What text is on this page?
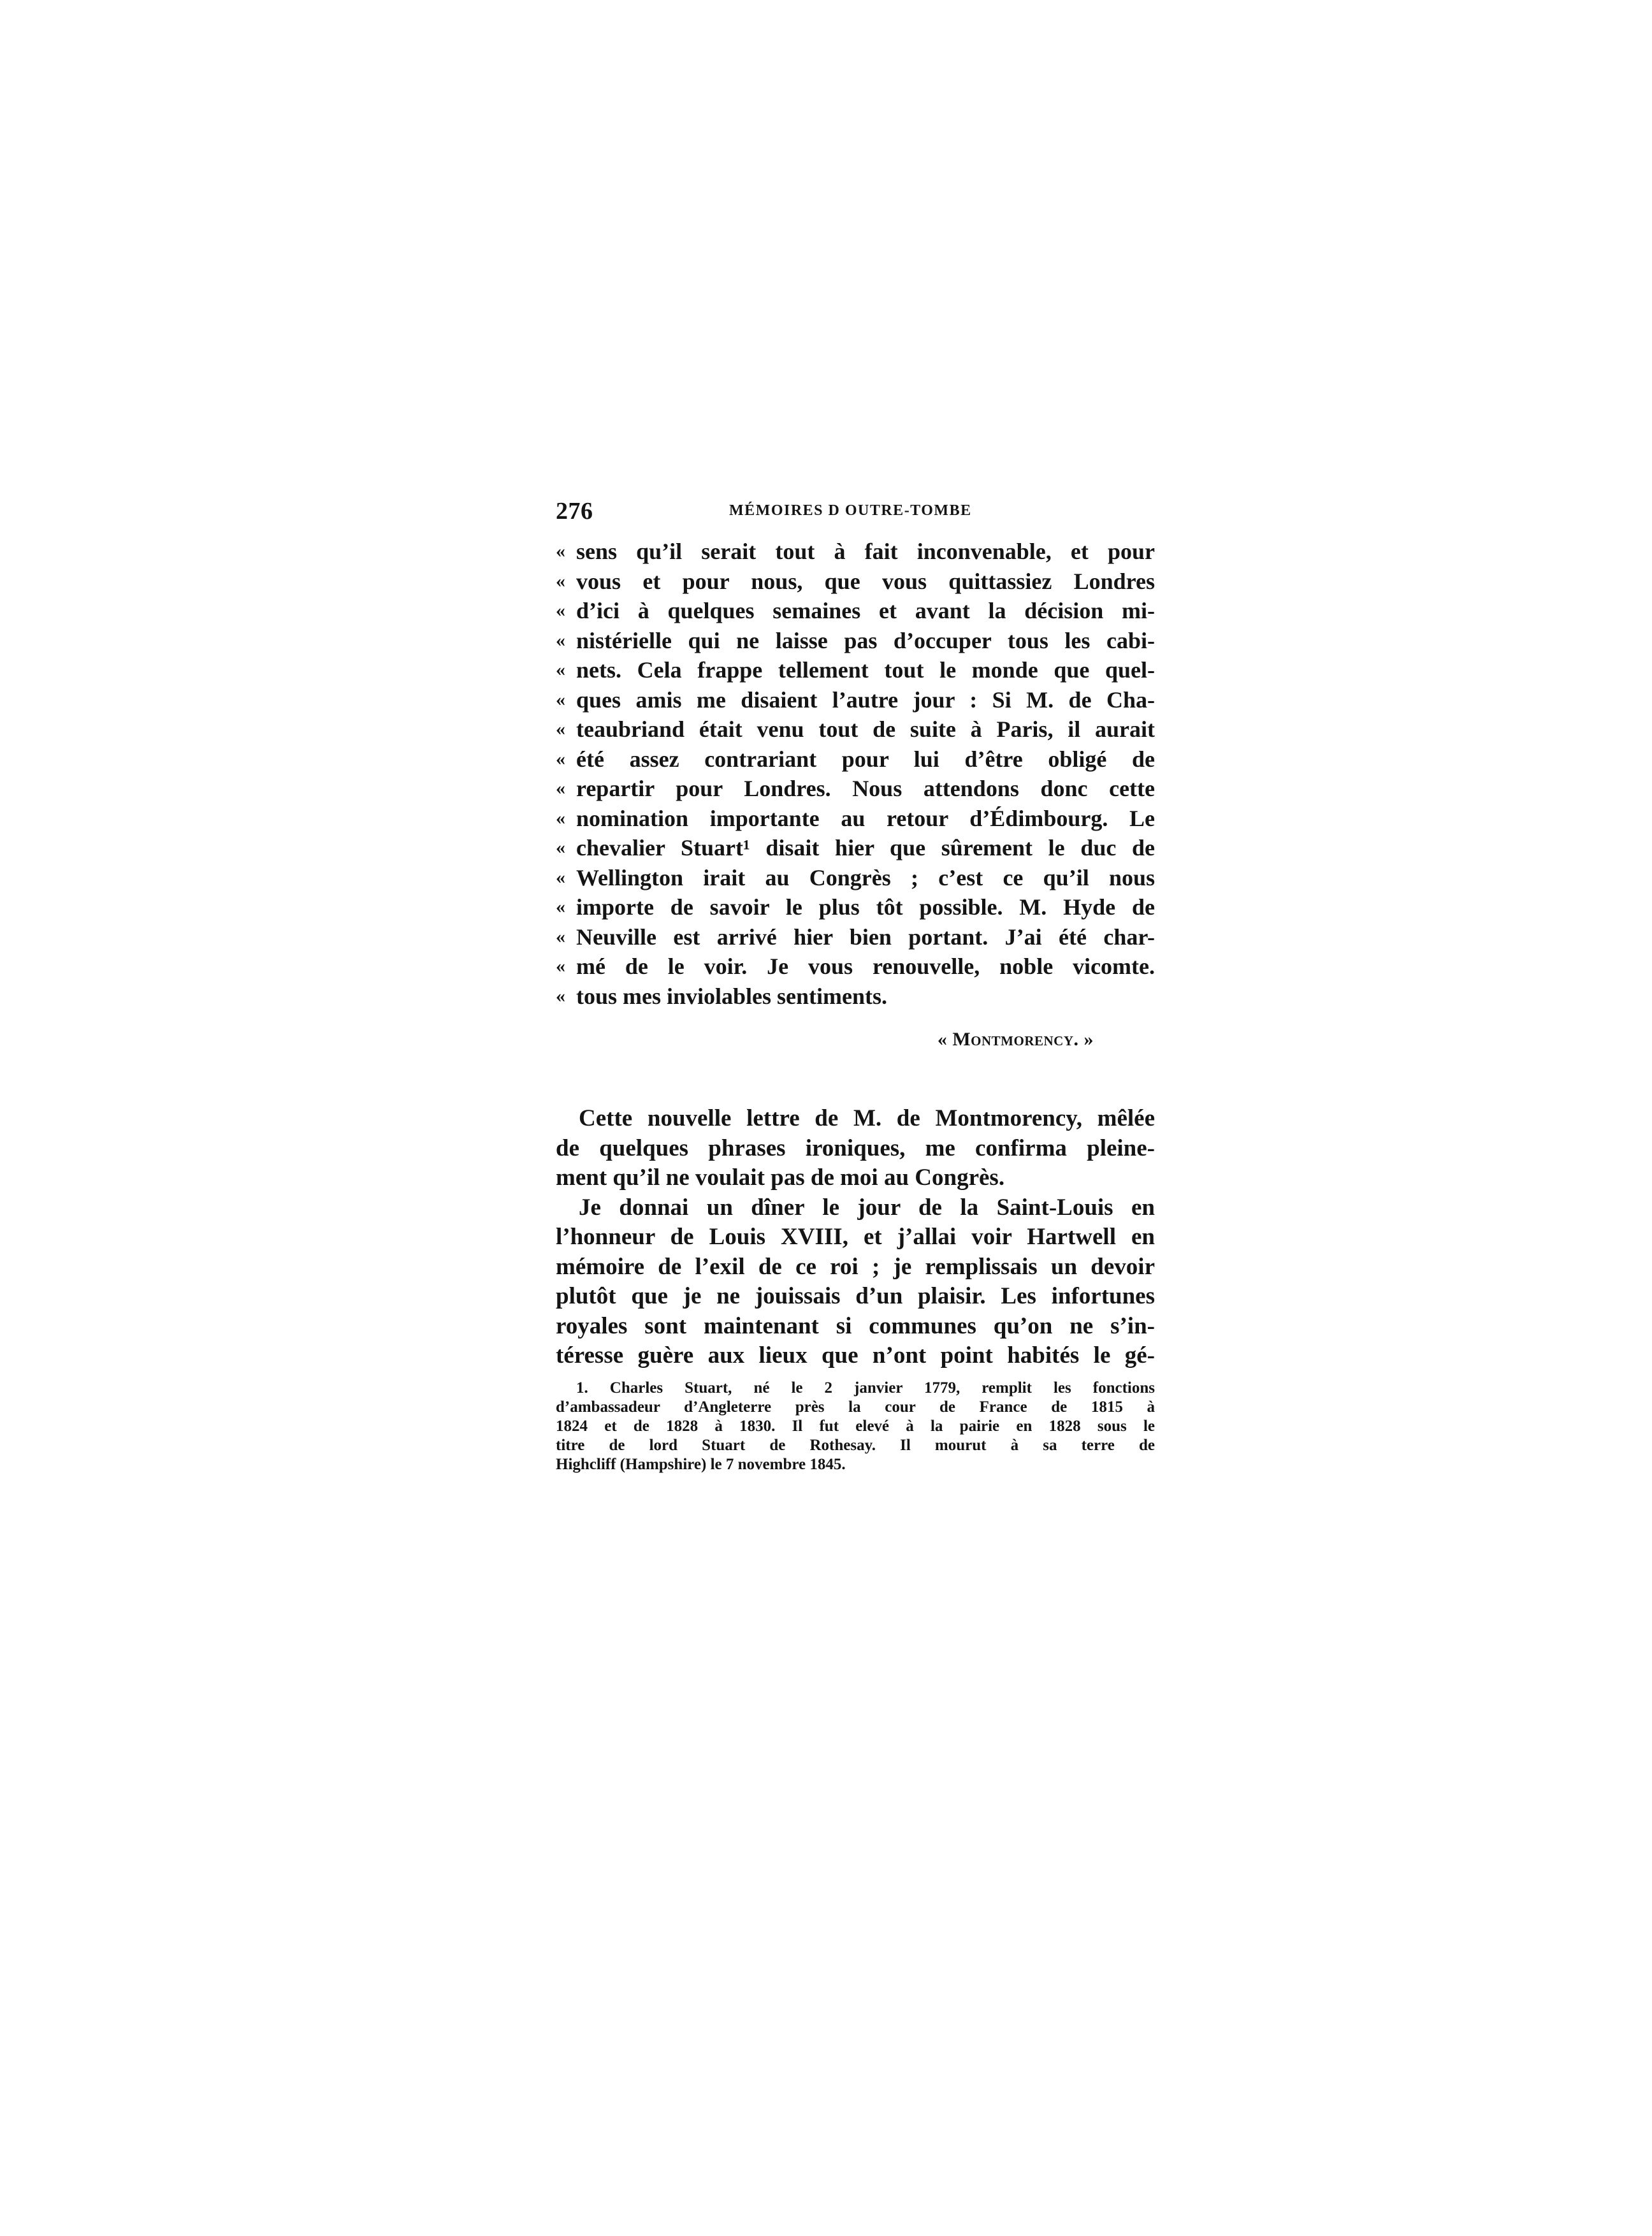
276	MÉMOIRES D OUTRE-TOMBE
« sens qu’il serait tout à fait inconvenable, et pour
« vous et pour nous, que vous quittassiez Londres
« d’ici à quelques semaines et avant la décision mi-
« nistérielle qui ne laisse pas d’occuper tous les cabi-
« nets. Cela frappe tellement tout le monde que quel-
« ques amis me disaient l’autre jour : Si M. de Cha-
« teaubriand était venu tout de suite à Paris, il aurait
« été assez contrariant pour lui d’être obligé de
« repartir pour Londres. Nous attendons donc cette
« nomination importante au retour d’Édimbourg. Le
« chevalier Stuart¹ disait hier que sûrement le duc de
« Wellington irait au Congrès ; c’est ce qu’il nous
« importe de savoir le plus tôt possible. M. Hyde de
« Neuville est arrivé hier bien portant. J’ai été char-
« mé de le voir. Je vous renouvelle, noble vicomte.
« tous mes inviolables sentiments.
« Montmorency. »
Cette nouvelle lettre de M. de Montmorency, mêlée
de quelques phrases ironiques, me confirma pleine-
ment qu’il ne voulait pas de moi au Congrès.
Je donnai un dîner le jour de la Saint-Louis en
l’honneur de Louis XVIII, et j’allai voir Hartwell en
mémoire de l’exil de ce roi ; je remplissais un devoir
plutôt que je ne jouissais d’un plaisir. Les infortunes
royales sont maintenant si communes qu’on ne s’in-
téresse guère aux lieux que n’ont point habités le gé-
1. Charles Stuart, né le 2 janvier 1779, remplit les fonctions
d’ambassadeur d’Angleterre près la cour de France de 1815 à
1824 et de 1828 à 1830. Il fut elevé à la pairie en 1828 sous le
titre de lord Stuart de Rothesay. Il mourut à sa terre de
Highcliff (Hampshire) le 7 novembre 1845.
